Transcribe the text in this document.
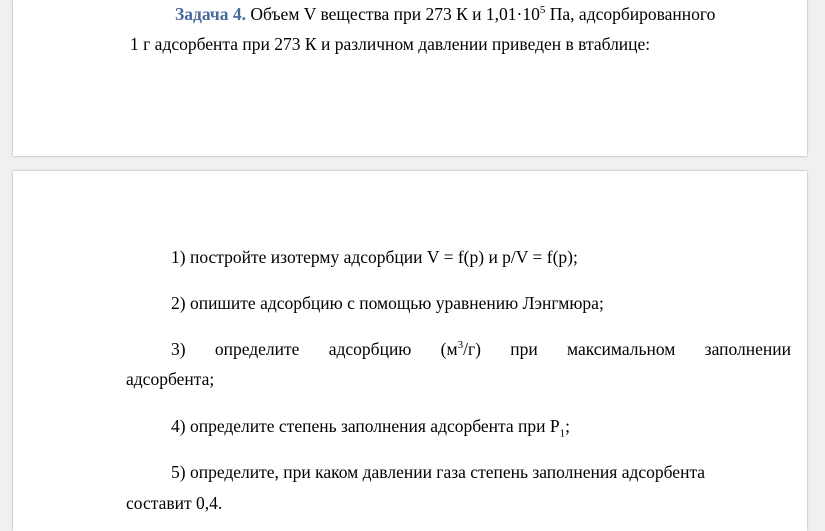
Задача 4. Объем V вещества при 273 К и $1,01\cdot 10^5$ Па, адсорбированного
1 г адсорбента при 273 К и различном давлении приведен в втаблице:
1) постройте изотерму адсорбции V = f(p) и p/V = f(p);
2) опишите адсорбцию с помощью уравнению Лэнгмюра;
3) определите адсорбцию $(м^3/г)$ при максимальном заполнении
адсорбента;
4) определите степень заполнения адсорбента при $P_1$;
5) определите, при каком давлении газа степень заполнения адсорбента
составит 0,4.
